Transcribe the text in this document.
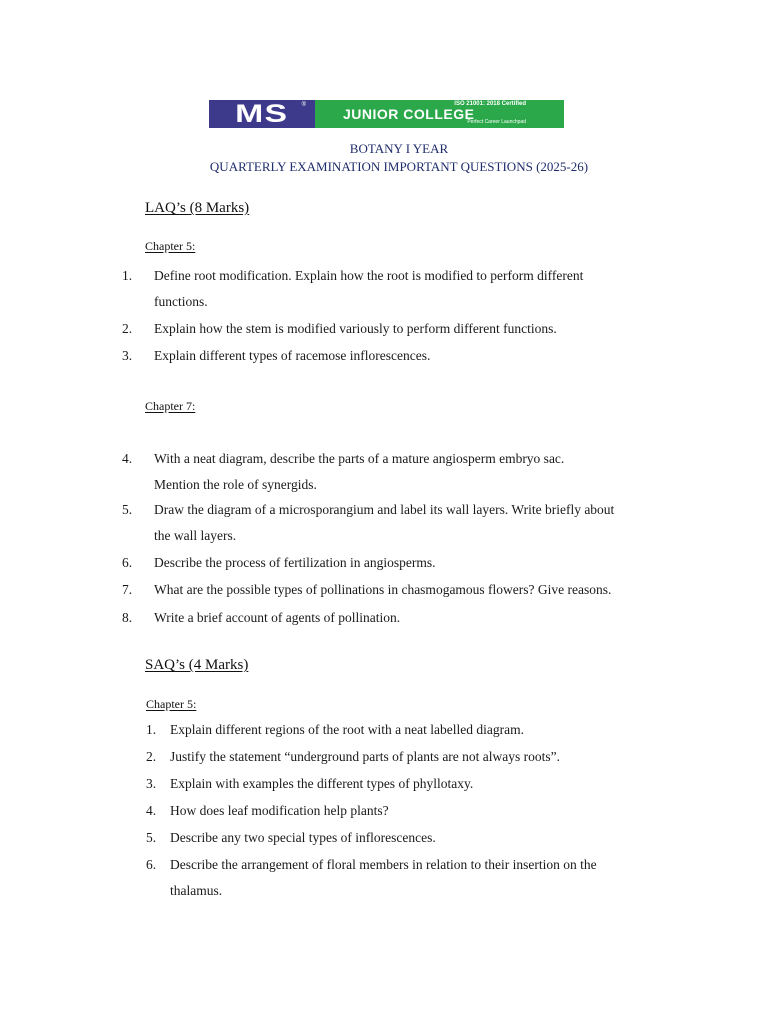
MS ®	ISO 21001: 2018 Certified
JUNIOR COLLEGE
Perfect Career Launchpad
BOTANY I YEAR
QUARTERLY EXAMINATION IMPORTANT QUESTIONS (2025-26)
LAQ’s (8 Marks)
Chapter 5:
1. Define root modification. Explain how the root is modified to perform different
functions.
2. Explain how the stem is modified variously to perform different functions.
3. Explain different types of racemose inflorescences.
Chapter 7:
4. With a neat diagram, describe the parts of a mature angiosperm embryo sac.
Mention the role of synergids.
5. Draw the diagram of a microsporangium and label its wall layers. Write briefly about
the wall layers.
6. Describe the process of fertilization in angiosperms.
7. What are the possible types of pollinations in chasmogamous flowers? Give reasons.
8. Write a brief account of agents of pollination.
SAQ’s (4 Marks)
Chapter 5:
1. Explain different regions of the root with a neat labelled diagram.
2. Justify the statement “underground parts of plants are not always roots”.
3. Explain with examples the different types of phyllotaxy.
4. How does leaf modification help plants?
5. Describe any two special types of inflorescences.
6. Describe the arrangement of floral members in relation to their insertion on the
thalamus.
